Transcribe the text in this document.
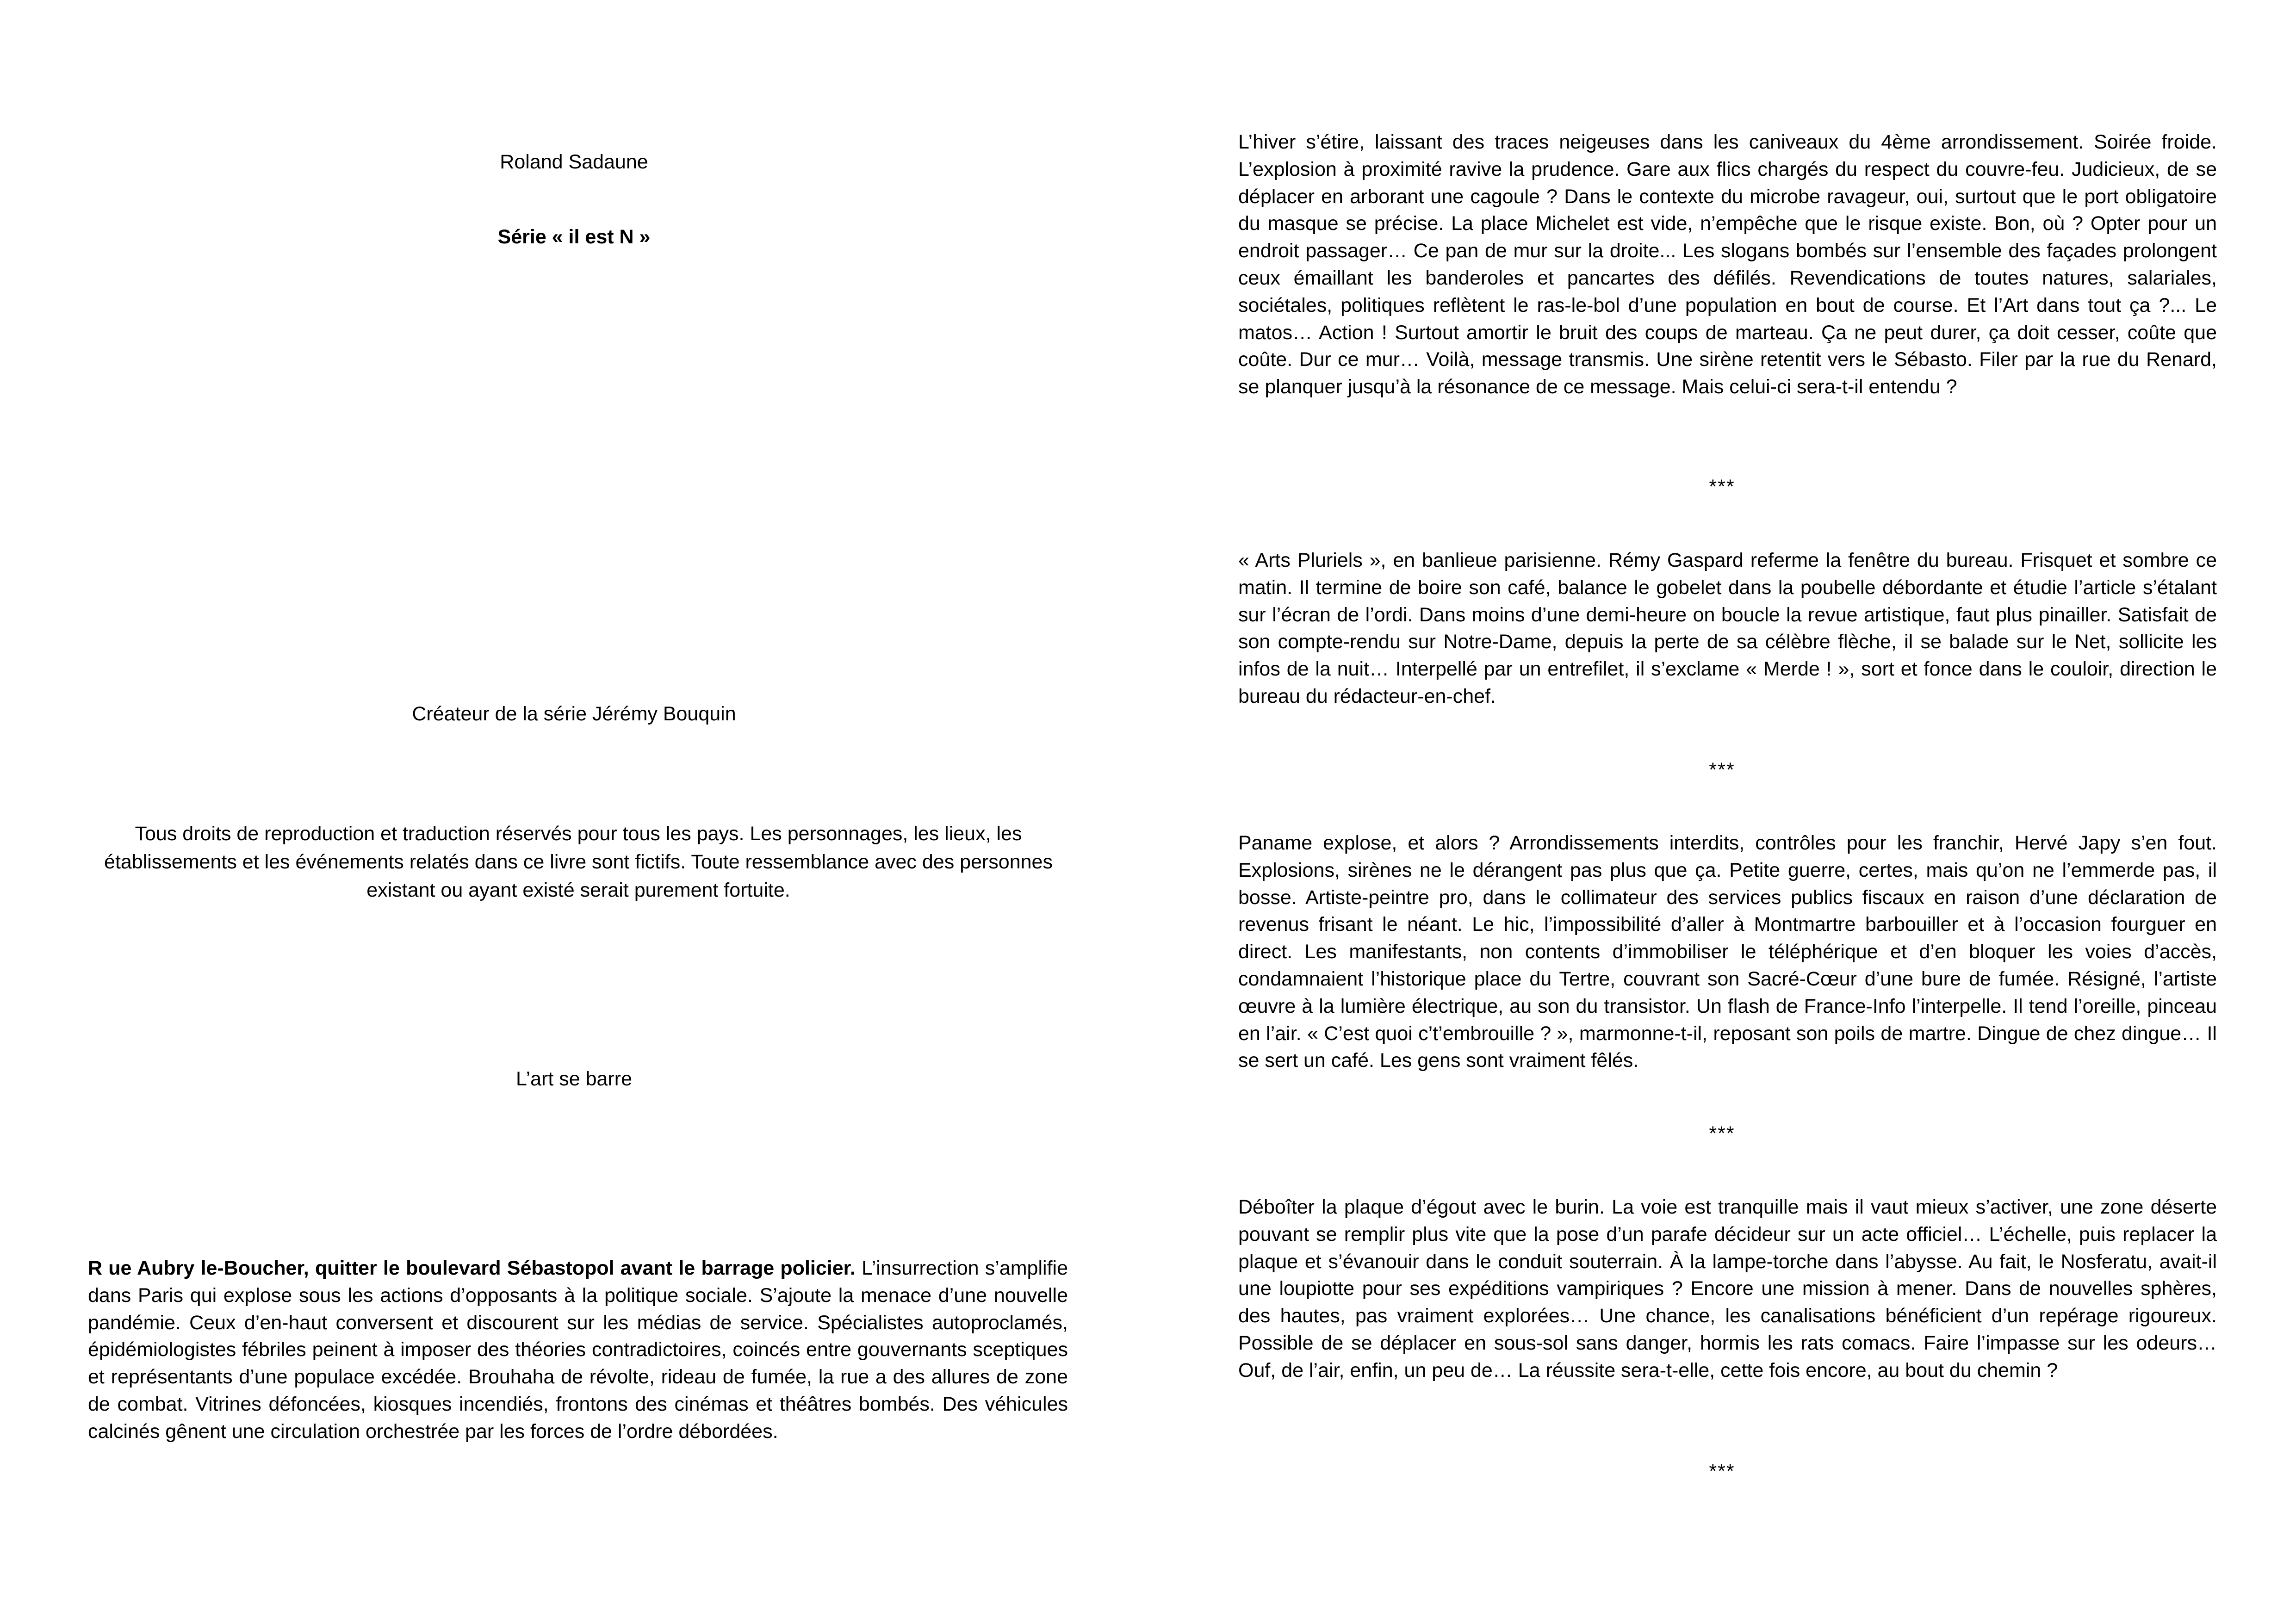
Roland Sadaune
Série « il est N »
Créateur de la série Jérémy Bouquin
Tous droits de reproduction et traduction réservés pour tous les pays. Les personnages, les lieux, les établissements et les événements relatés dans ce livre sont fictifs. Toute ressemblance avec des personnes existant ou ayant existé serait purement fortuite.
L’art se barre

R ue Aubry le-Boucher, quitter le boulevard Sébastopol avant le barrage policier. L’insurrection s’amplifie dans Paris qui explose sous les actions d’opposants à la politique sociale. S’ajoute la menace d’une nouvelle pandémie. Ceux d’en-haut conversent et discourent sur les médias de service. Spécialistes autoproclamés, épidémiologistes fébriles peinent à imposer des théories contradictoires, coincés entre gouvernants sceptiques et représentants d’une populace excédée. Brouhaha de révolte, rideau de fumée, la rue a des allures de zone de combat. Vitrines défoncées, kiosques incendiés, frontons des cinémas et théâtres bombés. Des véhicules calcinés gênent une circulation orchestrée par les forces de l’ordre débordées.

L’hiver s’étire, laissant des traces neigeuses dans les caniveaux du 4ème arrondissement. Soirée froide. L’explosion à proximité ravive la prudence. Gare aux flics chargés du respect du couvre-feu. Judicieux, de se déplacer en arborant une cagoule ? Dans le contexte du microbe ravageur, oui, surtout que le port obligatoire du masque se précise. La place Michelet est vide, n’empêche que le risque existe. Bon, où ? Opter pour un endroit passager… Ce pan de mur sur la droite... Les slogans bombés sur l’ensemble des façades prolongent ceux émaillant les banderoles et pancartes des défilés. Revendications de toutes natures, salariales, sociétales, politiques reflètent le ras-le-bol d’une population en bout de course. Et l’Art dans tout ça ?... Le matos… Action ! Surtout amortir le bruit des coups de marteau. Ça ne peut durer, ça doit cesser, coûte que coûte. Dur ce mur… Voilà, message transmis. Une sirène retentit vers le Sébasto. Filer par la rue du Renard, se planquer jusqu’à la résonance de ce message. Mais celui-ci sera-t-il entendu ?

***

« Arts Pluriels », en banlieue parisienne. Rémy Gaspard referme la fenêtre du bureau. Frisquet et sombre ce matin. Il termine de boire son café, balance le gobelet dans la poubelle débordante et étudie l’article s’étalant sur l’écran de l’ordi. Dans moins d’une demi-heure on boucle la revue artistique, faut plus pinailler. Satisfait de son compte-rendu sur Notre-Dame, depuis la perte de sa célèbre flèche, il se balade sur le Net, sollicite les infos de la nuit… Interpellé par un entrefilet, il s’exclame « Merde ! », sort et fonce dans le couloir, direction le bureau du rédacteur-en-chef.

***

Paname explose, et alors ? Arrondissements interdits, contrôles pour les franchir, Hervé Japy s’en fout. Explosions, sirènes ne le dérangent pas plus que ça. Petite guerre, certes, mais qu’on ne l’emmerde pas, il bosse. Artiste-peintre pro, dans le collimateur des services publics fiscaux en raison d’une déclaration de revenus frisant le néant. Le hic, l’impossibilité d’aller à Montmartre barbouiller et à l’occasion fourguer en direct. Les manifestants, non contents d’immobiliser le téléphérique et d’en bloquer les voies d’accès, condamnaient l’historique place du Tertre, couvrant son Sacré-Cœur d’une bure de fumée. Résigné, l’artiste œuvre à la lumière électrique, au son du transistor. Un flash de France-Info l’interpelle. Il tend l’oreille, pinceau en l’air. « C’est quoi c’t’embrouille ? », marmonne-t-il, reposant son poils de martre. Dingue de chez dingue… Il se sert un café. Les gens sont vraiment fêlés.

***

Déboîter la plaque d’égout avec le burin. La voie est tranquille mais il vaut mieux s’activer, une zone déserte pouvant se remplir plus vite que la pose d’un parafe décideur sur un acte officiel… L’échelle, puis replacer la plaque et s’évanouir dans le conduit souterrain. À la lampe-torche dans l’abysse. Au fait, le Nosferatu, avait-il une loupiotte pour ses expéditions vampiriques ? Encore une mission à mener. Dans de nouvelles sphères, des hautes, pas vraiment explorées… Une chance, les canalisations bénéficient d’un repérage rigoureux. Possible de se déplacer en sous-sol sans danger, hormis les rats comacs. Faire l’impasse sur les odeurs… Ouf, de l’air, enfin, un peu de… La réussite sera-t-elle, cette fois encore, au bout du chemin ?

***
